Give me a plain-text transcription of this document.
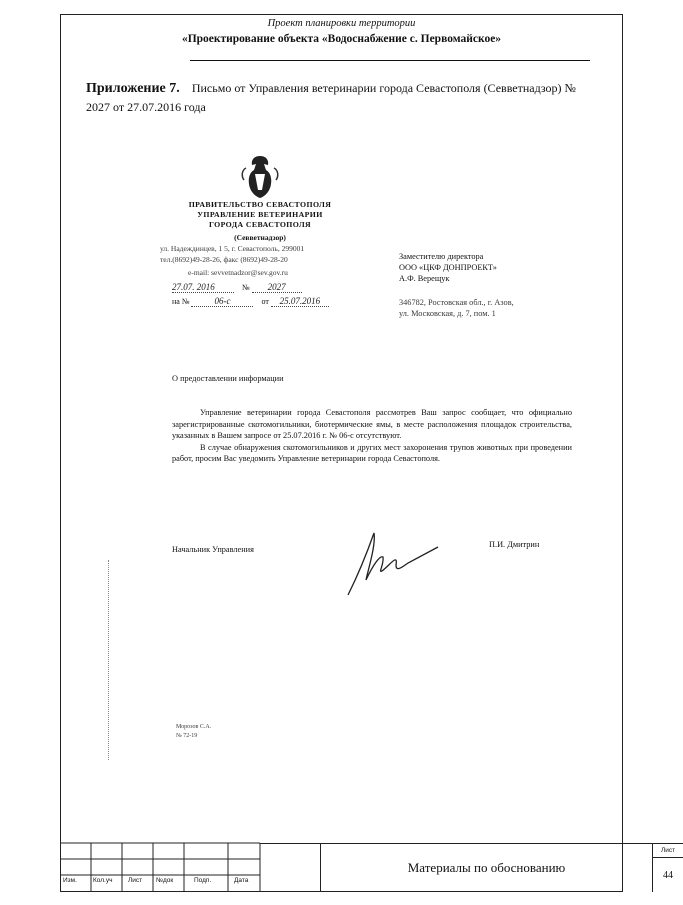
Проект планировки территории
«Проектирование объекта «Водоснабжение с. Первомайское»
Приложение 7. Письмо от Управления ветеринарии города Севастополя (Севветнадзор) № 2027 от 27.07.2016 года
ПРАВИТЕЛЬСТВО СЕВАСТОПОЛЯ
УПРАВЛЕНИЕ ВЕТЕРИНАРИИ
ГОРОДА СЕВАСТОПОЛЯ
(Севветнадзор)
ул. Надеждинцев, 1 5, г. Севастополь, 299001
тел.(8692)49-28-26, факс (8692)49-28-20
e-mail: sevvetnadzor@sev.gov.ru
27.07. 2016	№ 2027
на №	06-с	от 25.07.2016
Заместителю директора
ООО «ЦКФ ДОНПРОЕКТ»
А.Ф. Верещук
346782, Ростовская обл., г. Азов,
ул. Московская, д. 7, пом. 1
О предоставлении информации

Управление ветеринарии города Севастополя рассмотрев Ваш запрос сообщает, что официально зарегистрированные скотомогильники, биотермические ямы, в месте расположения площадок строительства, указанных в Вашем запросе от 25.07.2016 г. № 06-с отсутствуют.

В случае обнаружения скотомогильников и других мест захоронения трупов животных при проведении работ, просим Вас уведомить Управление ветеринарии города Севастополя.

Начальник Управления
П.И. Дмитрин
Морозов С.А.
№ 72-19
Изм.	Кол.уч	Лист	№док	Подп.	Дата
Материалы по обоснованию
Лист
44
